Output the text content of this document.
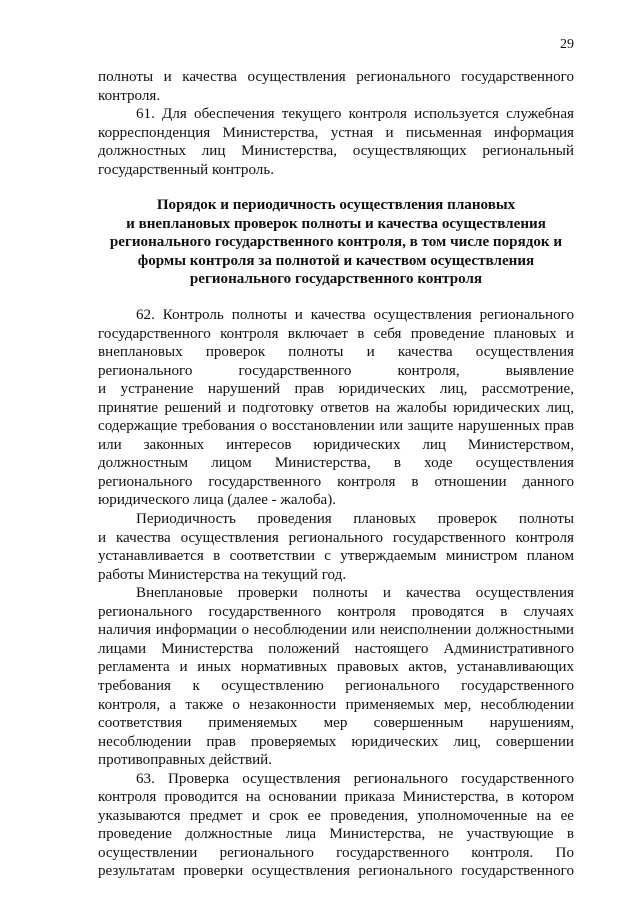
29
полноты и качества осуществления регионального государственного
контроля.
61. Для обеспечения текущего контроля используется служебная
корреспонденция Министерства, устная и письменная информация
должностных лиц Министерства, осуществляющих региональный
государственный контроль.
Порядок и периодичность осуществления плановых
и внеплановых проверок полноты и качества осуществления
регионального государственного контроля, в том числе порядок и
формы контроля за полнотой и качеством осуществления
регионального государственного контроля
62. Контроль полноты и качества осуществления регионального
государственного контроля включает в себя проведение плановых и
внеплановых проверок полноты и качества осуществления
регионального государственного контроля, выявление
и устранение нарушений прав юридических лиц, рассмотрение,
принятие решений и подготовку ответов на жалобы юридических лиц,
содержащие требования о восстановлении или защите нарушенных прав
или законных интересов юридических лиц Министерством,
должностным лицом Министерства, в ходе осуществления
регионального государственного контроля в отношении данного
юридического лица (далее - жалоба).
Периодичность проведения плановых проверок полноты
и качества осуществления регионального государственного контроля
устанавливается в соответствии с утверждаемым министром планом
работы Министерства на текущий год.
Внеплановые проверки полноты и качества осуществления
регионального государственного контроля проводятся в случаях
наличия информации о несоблюдении или неисполнении должностными
лицами Министерства положений настоящего Административного
регламента и иных нормативных правовых актов, устанавливающих
требования к осуществлению регионального государственного
контроля, а также о незаконности применяемых мер, несоблюдении
соответствия применяемых мер совершенным нарушениям,
несоблюдении прав проверяемых юридических лиц, совершении
противоправных действий.
63. Проверка осуществления регионального государственного
контроля проводится на основании приказа Министерства, в котором
указываются предмет и срок ее проведения, уполномоченные на ее
проведение должностные лица Министерства, не участвующие в
осуществлении регионального государственного контроля. По
результатам проверки осуществления регионального государственного
